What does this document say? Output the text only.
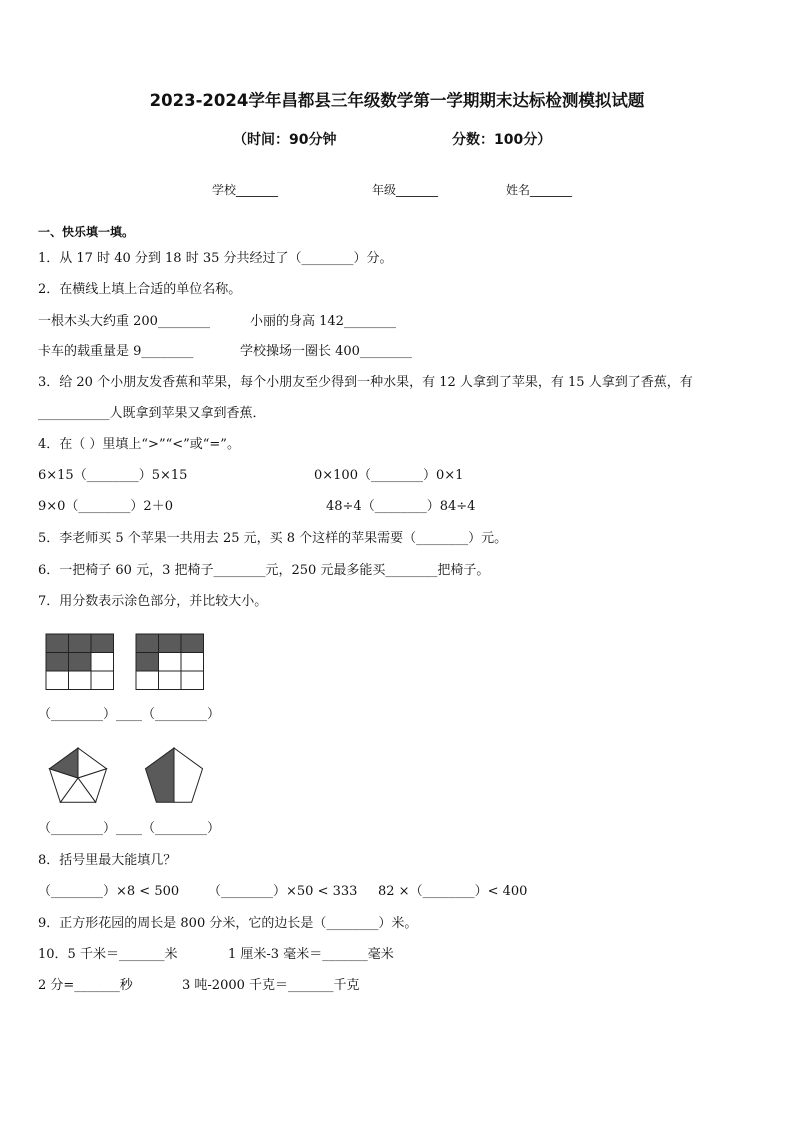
2023-2024学年昌都县三年级数学第一学期期末达标检测模拟试题
（时间：90分钟	分数：100分）
学校_______	年级_______	姓名_______
一、快乐填一填。
1．从 17 时 40 分到 18 时 35 分共经过了（________）分。
2．在横线上填上合适的单位名称。
一根木头大约重 200________	小丽的身高 142________
卡车的载重量是 9________	学校操场一圈长 400________
3．给 20 个小朋友发香蕉和苹果，每个小朋友至少得到一种水果，有 12 人拿到了苹果，有 15 人拿到了香蕉，有
___________人既拿到苹果又拿到香蕉．
4．在（ ）里填上“>”“<”或“=”。
6×15（________）5×15	0×100（________）0×1
9×0（________）2＋0	48÷4（________）84÷4
5．李老师买 5 个苹果一共用去 25 元，买 8 个这样的苹果需要（________）元。
6．一把椅子 60 元，3 把椅子________元，250 元最多能买________把椅子。
7．用分数表示涂色部分，并比较大小。
（________）____（________）
（________）____（________）
8．括号里最大能填几？
（________）×8 < 500 （________）×50 < 333 82 ×（________）< 400
9．正方形花园的周长是 800 分米，它的边长是（________）米。
10．5 千米＝_______米	1 厘米-3 毫米＝_______毫米
2 分=_______秒	3 吨-2000 千克＝_______千克
